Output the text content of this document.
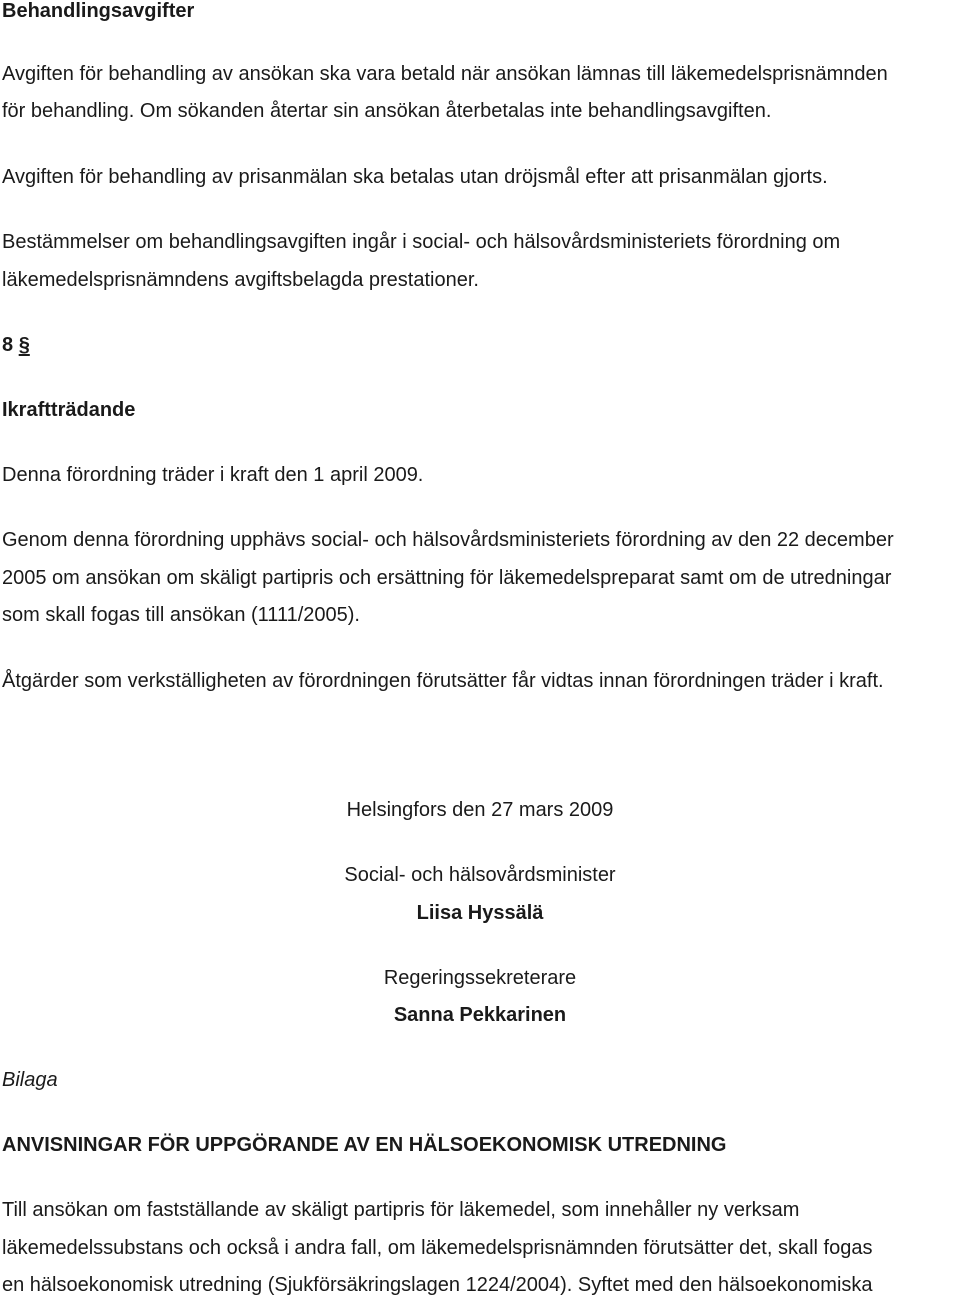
Behandlingsavgifter

Avgiften för behandling av ansökan ska vara betald när ansökan lämnas till läkemedelsprisnämnden

för behandling. Om sökanden återtar sin ansökan återbetalas inte behandlingsavgiften.

Avgiften för behandling av prisanmälan ska betalas utan dröjsmål efter att prisanmälan gjorts.

Bestämmelser om behandlingsavgiften ingår i social- och hälsovårdsministeriets förordning om

läkemedelsprisnämndens avgiftsbelagda prestationer.

8 §

Ikraftträdande

Denna förordning träder i kraft den 1 april 2009.

Genom denna förordning upphävs social- och hälsovårdsministeriets förordning av den 22 december

2005 om ansökan om skäligt partipris och ersättning för läkemedelspreparat samt om de utredningar

som skall fogas till ansökan (1111/2005).

Åtgärder som verkställigheten av förordningen förutsätter får vidtas innan förordningen träder i kraft.

Helsingfors den 27 mars 2009

Social- och hälsovårdsminister

Liisa Hyssälä

Regeringssekreterare

Sanna Pekkarinen

Bilaga

ANVISNINGAR FÖR UPPGÖRANDE AV EN HÄLSOEKONOMISK UTREDNING

Till ansökan om fastställande av skäligt partipris för läkemedel, som innehåller ny verksam

läkemedelssubstans och också i andra fall, om läkemedelsprisnämnden förutsätter det, skall fogas

en hälsoekonomisk utredning (Sjukförsäkringslagen 1224/2004). Syftet med den hälsoekonomiska
